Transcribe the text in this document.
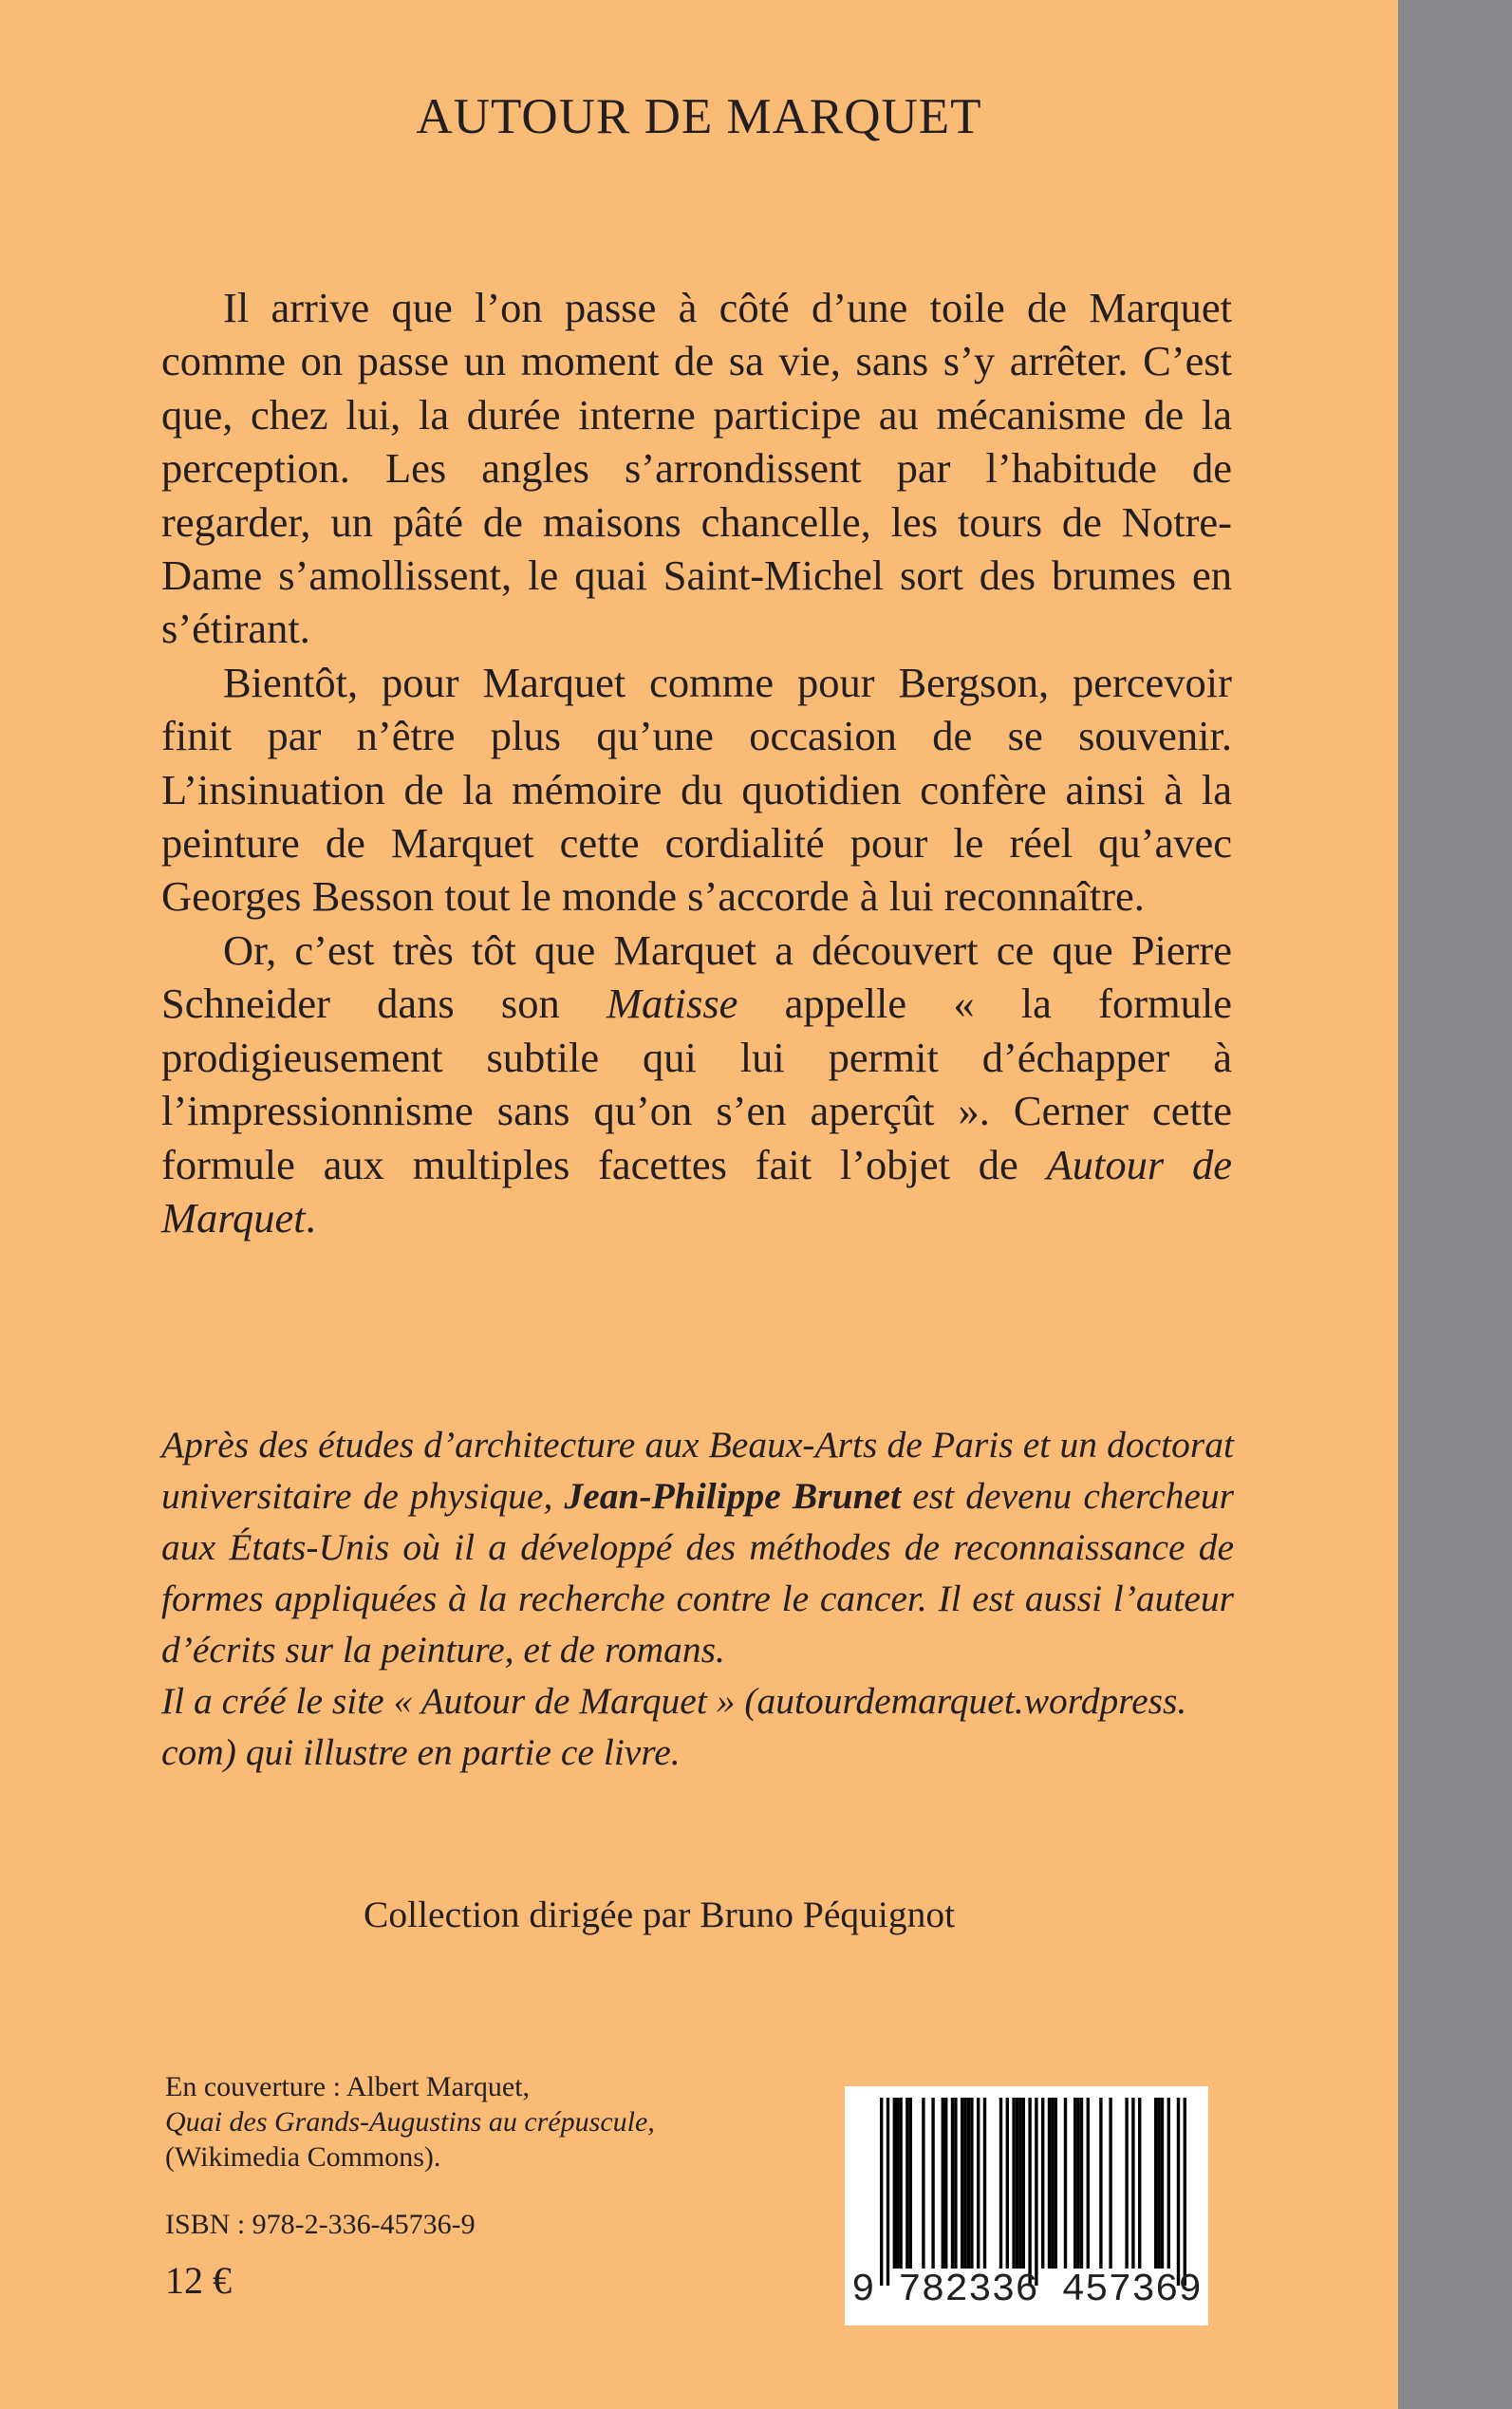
AUTOUR DE MARQUET

Il arrive que l’on passe à côté d’une toile de Marquet comme on passe un moment de sa vie, sans s’y arrêter. C’est que, chez lui, la durée interne participe au mécanisme de la perception. Les angles s’arrondissent par l’habitude de regarder, un pâté de maisons chancelle, les tours de Notre-Dame s’amollissent, le quai Saint-Michel sort des brumes en s’étirant.

Bientôt, pour Marquet comme pour Bergson, percevoir finit par n’être plus qu’une occasion de se souvenir. L’insinuation de la mémoire du quotidien confère ainsi à la peinture de Marquet cette cordialité pour le réel qu’avec Georges Besson tout le monde s’accorde à lui reconnaître.

Or, c’est très tôt que Marquet a découvert ce que Pierre Schneider dans son Matisse appelle « la formule prodigieusement subtile qui lui permit d’échapper à l’impressionnisme sans qu’on s’en aperçût ». Cerner cette formule aux multiples facettes fait l’objet de Autour de Marquet.

Après des études d’architecture aux Beaux-Arts de Paris et un doctorat universitaire de physique, Jean-Philippe Brunet est devenu chercheur aux États-Unis où il a développé des méthodes de reconnaissance de formes appliquées à la recherche contre le cancer. Il est aussi l’auteur d’écrits sur la peinture, et de romans.

Il a créé le site « Autour de Marquet » (autourdemarquet.wordpress.
com) qui illustre en partie ce livre.

Collection dirigée par Bruno Péquignot
En couverture : Albert Marquet,
Quai des Grands-Augustins au crépuscule,
(Wikimedia Commons).
ISBN : 978-2-336-45736-9
12 €	9 782336 457369
